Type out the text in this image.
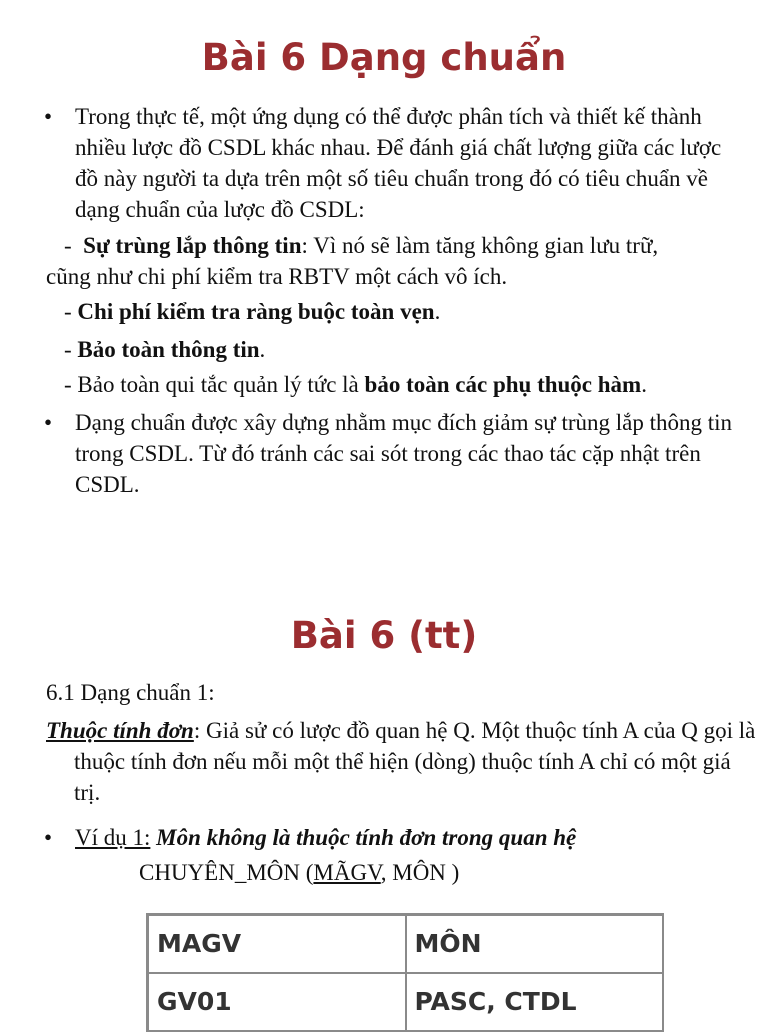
Bài 6 Dạng chuẩn
• Trong thực tế, một ứng dụng có thể được phân tích và thiết kế thành nhiều lược đồ CSDL khác nhau. Để đánh giá chất lượng giữa các lược đồ này người ta dựa trên một số tiêu chuẩn trong đó có tiêu chuẩn về dạng chuẩn của lược đồ CSDL:
- Sự trùng lắp thông tin: Vì nó sẽ làm tăng không gian lưu trữ,
cũng như chi phí kiểm tra RBTV một cách vô ích.
- Chi phí kiểm tra ràng buộc toàn vẹn.
- Bảo toàn thông tin.
- Bảo toàn qui tắc quản lý tức là bảo toàn các phụ thuộc hàm.
• Dạng chuẩn được xây dựng nhằm mục đích giảm sự trùng lắp thông tin trong CSDL. Từ đó tránh các sai sót trong các thao tác cặp nhật trên CSDL.
Bài 6 (tt)
6.1 Dạng chuẩn 1:
Thuộc tính đơn: Giả sử có lược đồ quan hệ Q. Một thuộc tính A của Q gọi là thuộc tính đơn nếu mỗi một thể hiện (dòng) thuộc tính A chỉ có một giá trị.
• Ví dụ 1: Môn không là thuộc tính đơn trong quan hệ
CHUYÊN_MÔN (MÃGV, MÔN )
MAGV	MÔN
GV01	PASC, CTDL
